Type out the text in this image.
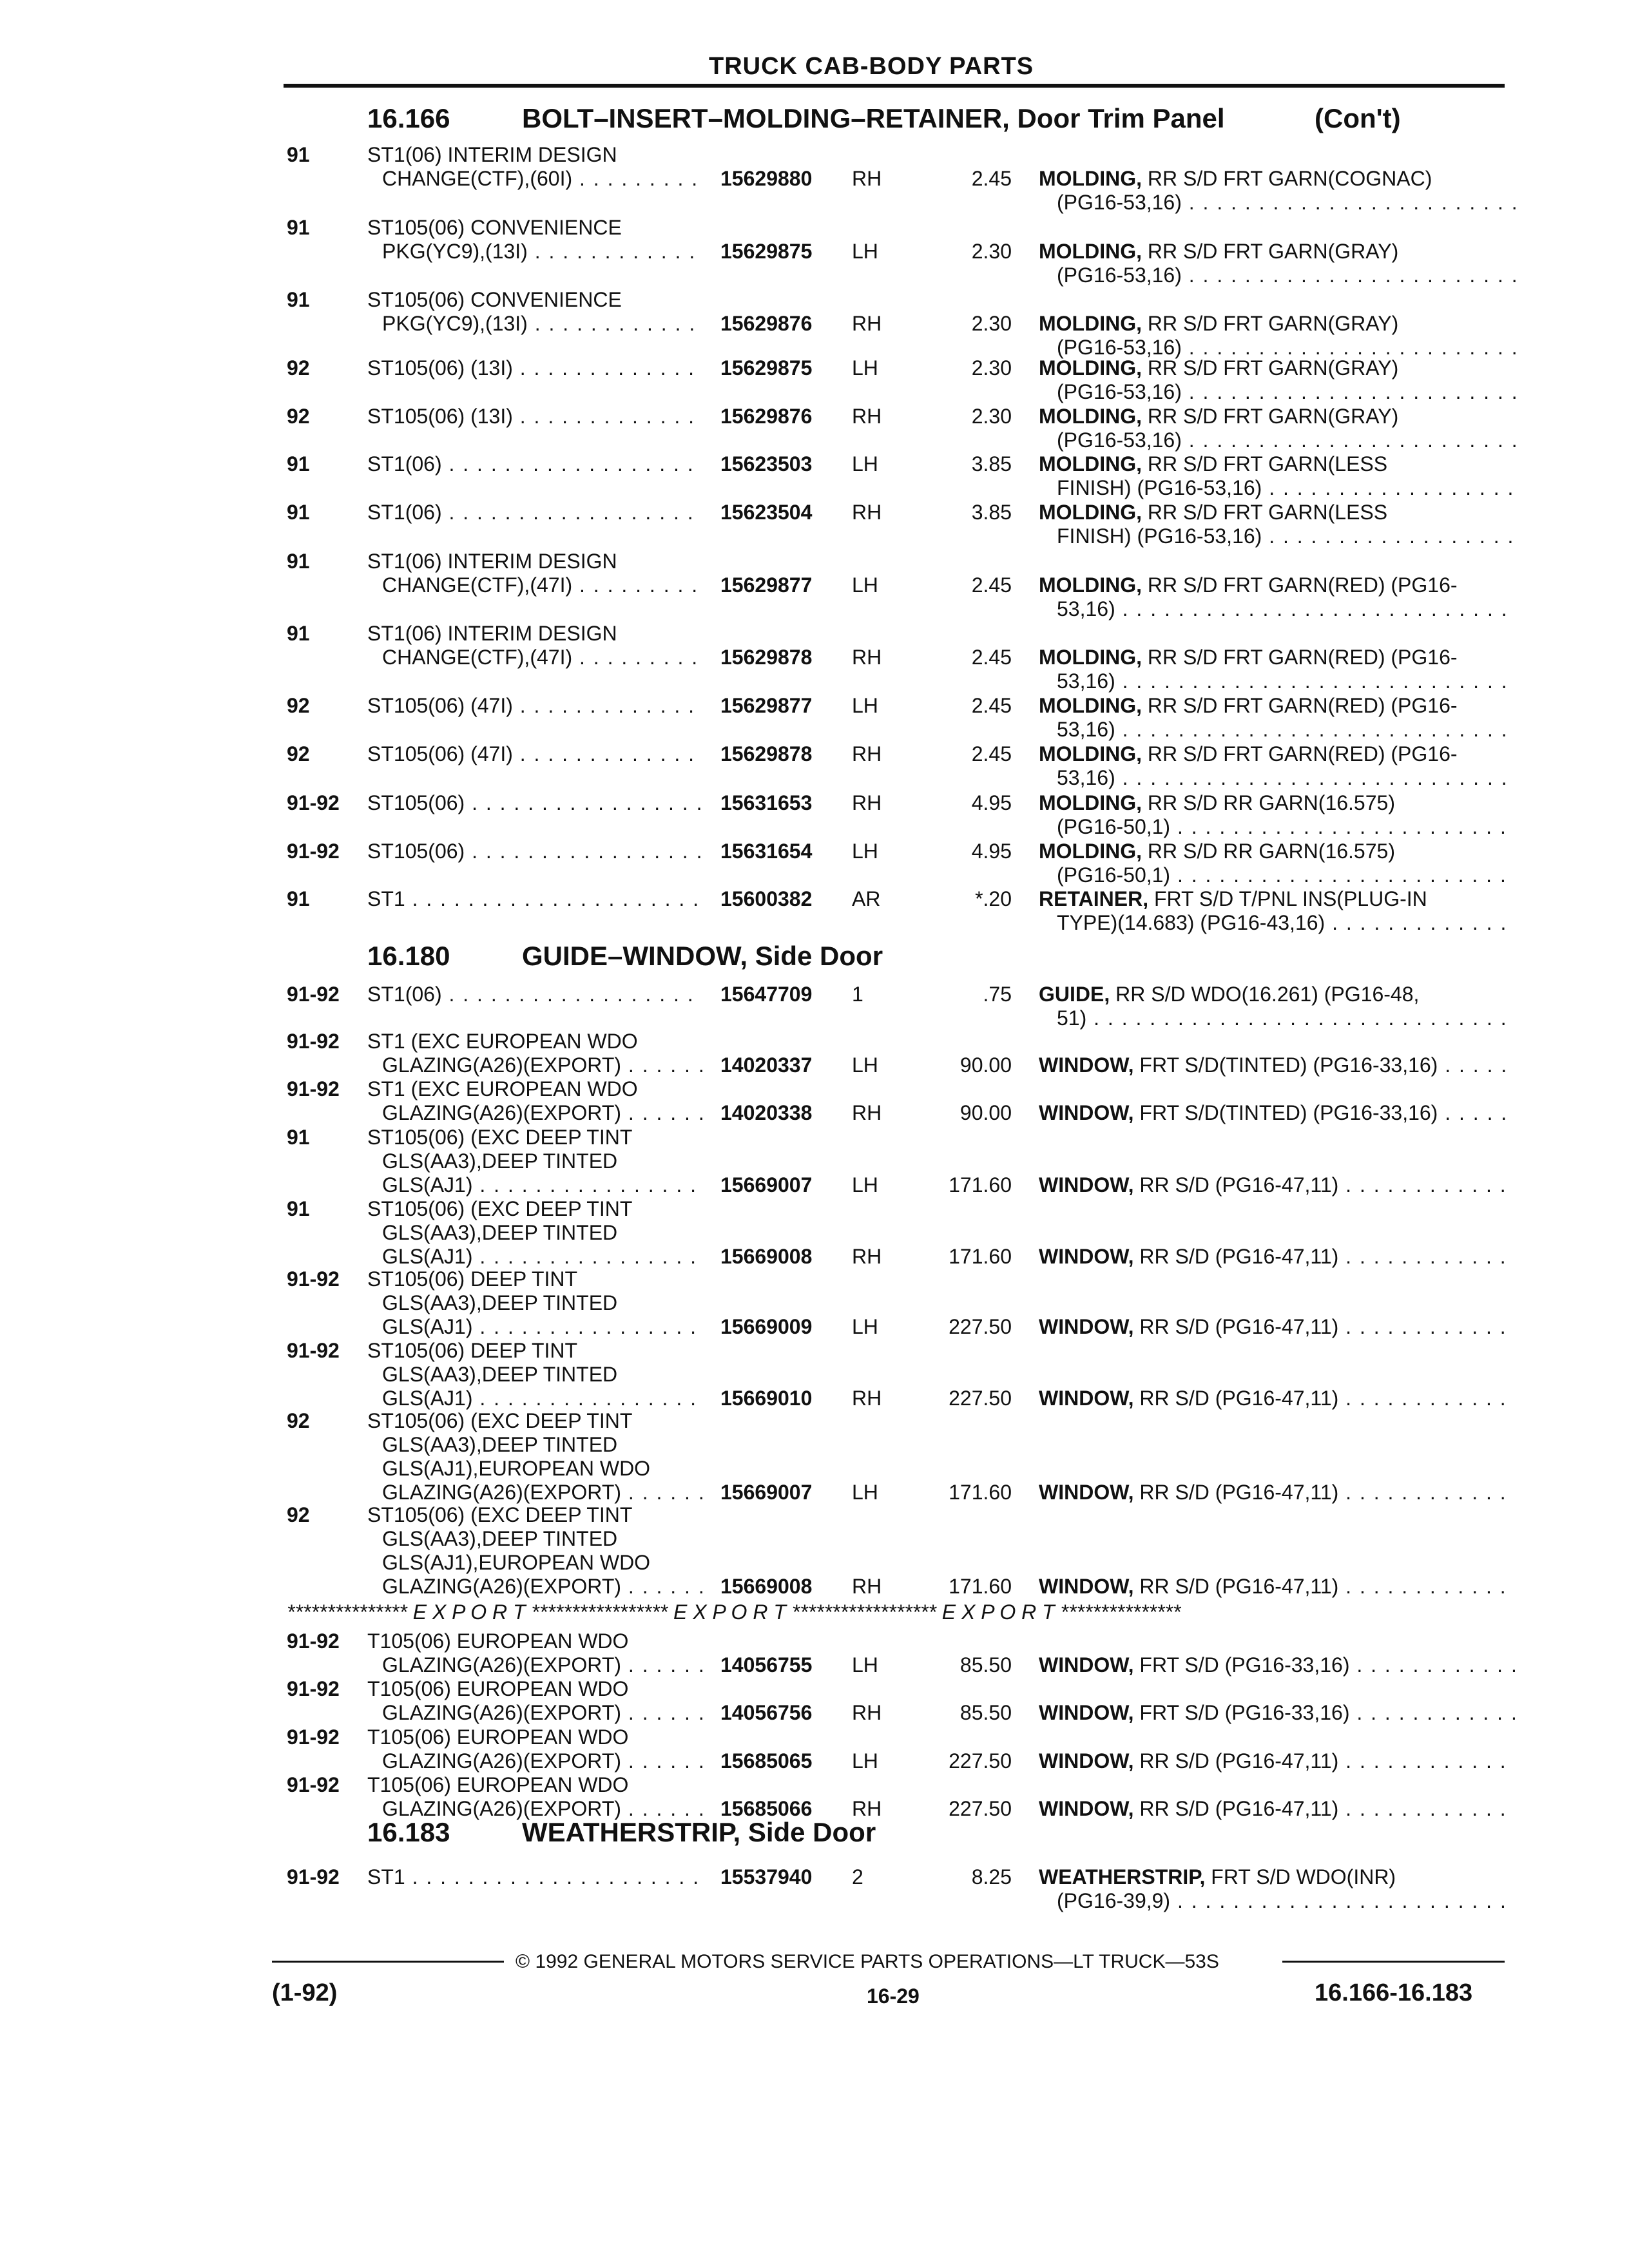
TRUCK CAB-BODY PARTS
16.166	BOLT–INSERT–MOLDING–RETAINER, Door Trim Panel	(Con't)
16.180	GUIDE–WINDOW, Side Door
16.183	WEATHERSTRIP, Side Door
91	ST1(06) INTERIM DESIGN
CHANGE(CTF),(60I) . . .	15629880	RH	2.45 MOLDING, RR S/D FRT GARN(COGNAC)
(PG16-53,16) . . .
91	ST105(06) CONVENIENCE
PKG(YC9),(13I) . . .	15629875	LH	2.30 MOLDING, RR S/D FRT GARN(GRAY)
(PG16-53,16) . . .
91	ST105(06) CONVENIENCE
PKG(YC9),(13I) . . .	15629876	RH	2.30 MOLDING, RR S/D FRT GARN(GRAY)
(PG16-53,16) . . .
92	ST105(06) (13I) . . .	15629875	LH	2.30 MOLDING, RR S/D FRT GARN(GRAY)
(PG16-53,16) . . .
92	ST105(06) (13I) . . .	15629876	RH	2.30 MOLDING, RR S/D FRT GARN(GRAY)
(PG16-53,16) . . .
91	ST1(06) . . .	15623503	LH	3.85 MOLDING, RR S/D FRT GARN(LESS
FINISH) (PG16-53,16) . . .
91	ST1(06) . . .	15623504	RH	3.85 MOLDING, RR S/D FRT GARN(LESS
FINISH) (PG16-53,16) . . .
91	ST1(06) INTERIM DESIGN
CHANGE(CTF),(47I) . . .	15629877	LH	2.45 MOLDING, RR S/D FRT GARN(RED) (PG16-
53,16) . . .
91	ST1(06) INTERIM DESIGN
CHANGE(CTF),(47I) . . .	15629878	RH	2.45 MOLDING, RR S/D FRT GARN(RED) (PG16-
53,16) . . .
92	ST105(06) (47I) . . .	15629877	LH	2.45 MOLDING, RR S/D FRT GARN(RED) (PG16-
53,16) . . .
92	ST105(06) (47I) . . .	15629878	RH	2.45 MOLDING, RR S/D FRT GARN(RED) (PG16-
53,16) . . .
91-92	ST105(06) . . .	15631653	RH	4.95 MOLDING, RR S/D RR GARN(16.575)
(PG16-50,1) . . .
91-92	ST105(06) . . .	15631654	LH	4.95 MOLDING, RR S/D RR GARN(16.575)
(PG16-50,1) . . .
91	ST1 . . .	15600382	AR	*.20 RETAINER, FRT S/D T/PNL INS(PLUG-IN
TYPE)(14.683) (PG16-43,16) . . .
91-92	ST1(06) . . .	15647709	1	.75 GUIDE, RR S/D WDO(16.261) (PG16-48,
51) . . .
91-92	ST1 (EXC EUROPEAN WDO
GLAZING(A26)(EXPORT) . . .	14020337	LH	90.00 WINDOW, FRT S/D(TINTED) (PG16-33,16) . . .
91-92	ST1 (EXC EUROPEAN WDO
GLAZING(A26)(EXPORT) . . .	14020338	RH	90.00 WINDOW, FRT S/D(TINTED) (PG16-33,16) . . .
91	ST105(06) (EXC DEEP TINT
GLS(AA3),DEEP TINTED
GLS(AJ1) . . .	15669007	LH	171.60 WINDOW, RR S/D (PG16-47,11) . . .
91	ST105(06) (EXC DEEP TINT
GLS(AA3),DEEP TINTED
GLS(AJ1) . . .	15669008	RH	171.60 WINDOW, RR S/D (PG16-47,11) . . .
91-92	ST105(06) DEEP TINT
GLS(AA3),DEEP TINTED
GLS(AJ1) . . .	15669009	LH	227.50 WINDOW, RR S/D (PG16-47,11) . . .
91-92	ST105(06) DEEP TINT
GLS(AA3),DEEP TINTED
GLS(AJ1) . . .	15669010	RH	227.50 WINDOW, RR S/D (PG16-47,11) . . .
92	ST105(06) (EXC DEEP TINT
GLS(AA3),DEEP TINTED
GLS(AJ1),EUROPEAN WDO
GLAZING(A26)(EXPORT) . . .	15669007	LH	171.60 WINDOW, RR S/D (PG16-47,11) . . .
92	ST105(06) (EXC DEEP TINT
GLS(AA3),DEEP TINTED
GLS(AJ1),EUROPEAN WDO
GLAZING(A26)(EXPORT) . . .	15669008	RH	171.60 WINDOW, RR S/D (PG16-47,11) . . .
91-92	T105(06) EUROPEAN WDO
GLAZING(A26)(EXPORT) . . .	14056755	LH	85.50 WINDOW, FRT S/D (PG16-33,16) . . .
91-92	T105(06) EUROPEAN WDO
GLAZING(A26)(EXPORT) . . .	14056756	RH	85.50 WINDOW, FRT S/D (PG16-33,16) . . .
91-92	T105(06) EUROPEAN WDO
GLAZING(A26)(EXPORT) . . .	15685065	LH	227.50 WINDOW, RR S/D (PG16-47,11) . . .
91-92	T105(06) EUROPEAN WDO
GLAZING(A26)(EXPORT) . . .	15685066	RH	227.50 WINDOW, RR S/D (PG16-47,11) . . .
91-92	ST1 . . .	15537940	2	8.25 WEATHERSTRIP, FRT S/D WDO(INR)
(PG16-39,9) . . .
*************** E X P O R T ***************** E X P O R T ****************** E X P O R T ***************
© 1992 GENERAL MOTORS SERVICE PARTS OPERATIONS—LT TRUCK—53S
(1-92)	16-29	16.166-16.183
